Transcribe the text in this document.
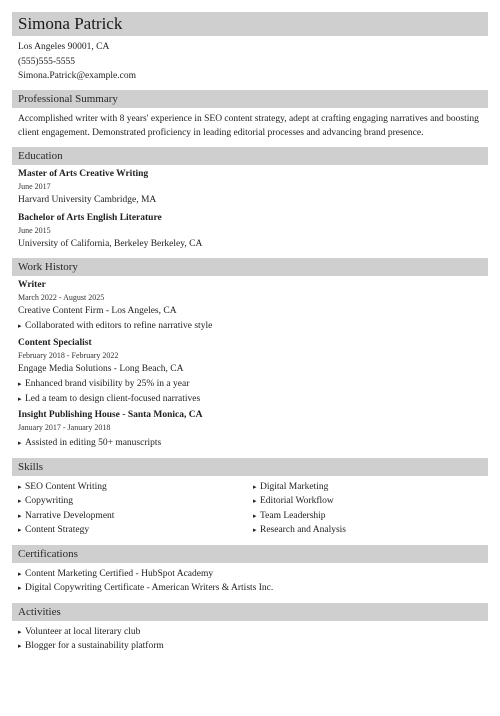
Simona Patrick
Los Angeles 90001, CA
(555)555-5555
Simona.Patrick@example.com
Professional Summary
Accomplished writer with 8 years' experience in SEO content strategy, adept at crafting engaging narratives and boosting client engagement. Demonstrated proficiency in leading editorial processes and advancing brand presence.
Education
Master of Arts Creative Writing
June 2017
Harvard University Cambridge, MA
Bachelor of Arts English Literature
June 2015
University of California, Berkeley Berkeley, CA
Work History
Writer
March 2022 - August 2025
Creative Content Firm - Los Angeles, CA
▸ Collaborated with editors to refine narrative style
Content Specialist
February 2018 - February 2022
Engage Media Solutions - Long Beach, CA
▸ Enhanced brand visibility by 25% in a year
▸ Led a team to design client-focused narratives
Insight Publishing House - Santa Monica, CA
January 2017 - January 2018
▸ Assisted in editing 50+ manuscripts
Skills
▸ SEO Content Writing
▸ Copywriting
▸ Narrative Development
▸ Content Strategy
▸ Digital Marketing
▸ Editorial Workflow
▸ Team Leadership
▸ Research and Analysis
Certifications
▸ Content Marketing Certified - HubSpot Academy
▸ Digital Copywriting Certificate - American Writers & Artists Inc.
Activities
▸ Volunteer at local literary club
▸ Blogger for a sustainability platform
